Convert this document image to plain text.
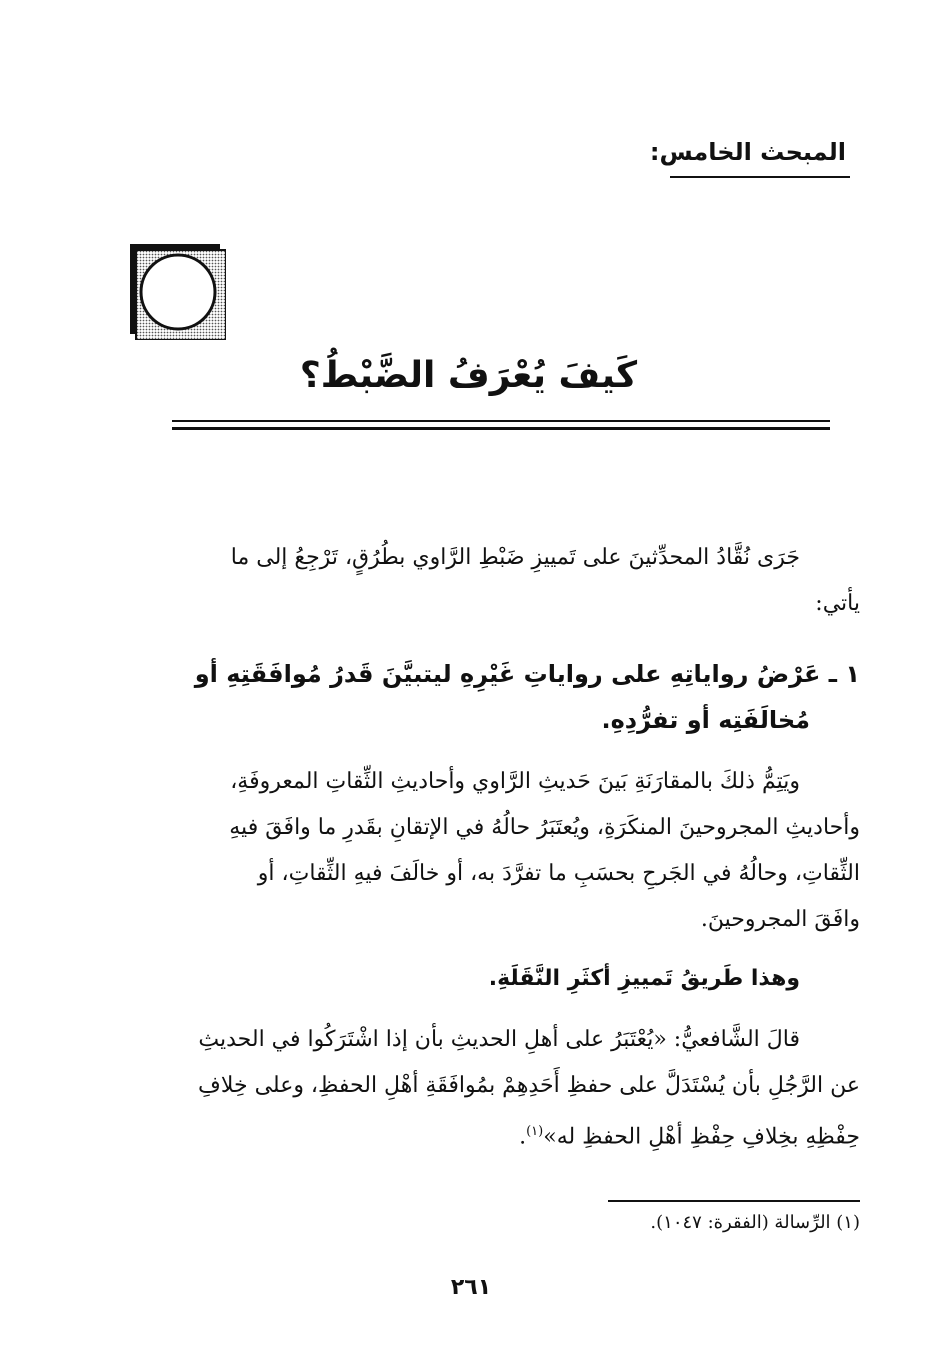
المبحث الخامس:
كَيفَ يُعْرَفُ الضَّبْطُ؟

جَرَى نُقَّادُ المحدِّثينَ على تَمييزِ ضَبْطِ الرَّاوي بطُرُقٍ، تَرْجِعُ إلى ما

يأتي:

١ ـ عَرْضُ رواياتِهِ على رواياتِ غَيْرِهِ ليتبيَّنَ قَدرُ مُوافَقَتِهِ أو

مُخالَفَتِه أو تفرُّدِهِ.

ويَتِمُّ ذلكَ بالمقارَنَةِ بَينَ حَديثِ الرَّاوي وأحاديثِ الثِّقاتِ المعروفَةِ،

وأحاديثِ المجروحينَ المنكَرَةِ، ويُعتَبَرُ حالُهُ في الإتقانِ بقَدرِ ما وافَقَ فيهِ

الثِّقاتِ، وحالُهُ في الجَرحِ بحسَبِ ما تفرَّدَ به، أو خالَفَ فيهِ الثِّقاتِ، أو

وافَقَ المجروحينَ.

وهذا طَريقُ تَمييزِ أكثَرِ النَّقَلَةِ.

قالَ الشَّافعيُّ: «يُعْتَبَرُ على أهلِ الحديثِ بأن إذا اشْتَرَكُوا في الحديثِ

عن الرَّجُلِ بأن يُسْتَدَلَّ على حفظِ أَحَدِهِمْ بمُوافَقَةِ أهْلِ الحفظِ، وعلى خِلافِ

حِفْظِهِ بخِلافِ حِفْظِ أهْلِ الحفظِ له»$^{(١)}$.

(١) الرِّسالة (الفقرة: ١٠٤٧).
٢٦١
